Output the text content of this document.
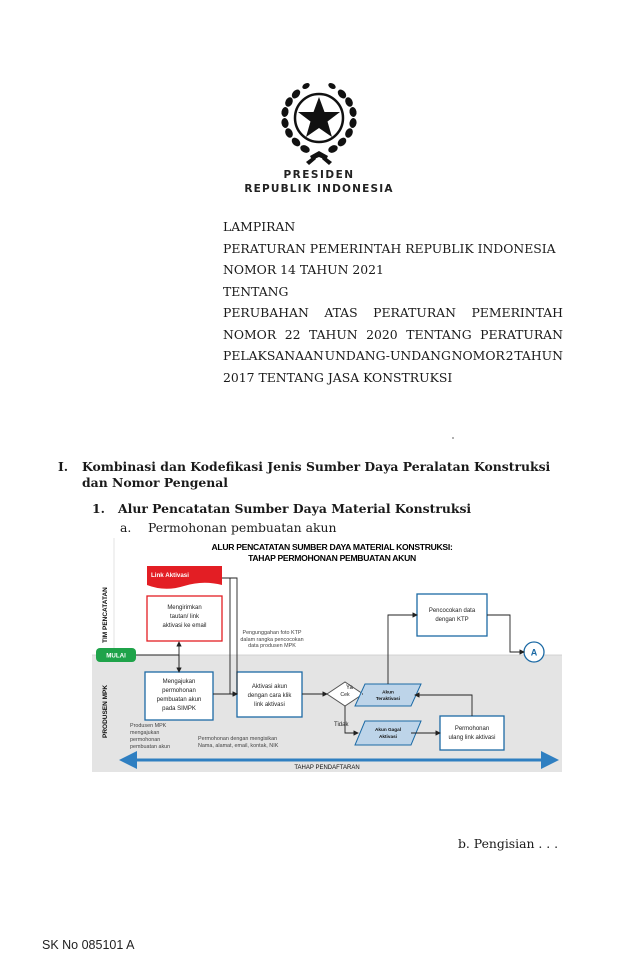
PRESIDEN
REPUBLIK INDONESIA
LAMPIRAN
PERATURAN PEMERINTAH REPUBLIK INDONESIA
NOMOR 14 TAHUN 2021
TENTANG
PERUBAHAN ATAS PERATURAN PEMERINTAH
NOMOR 22 TAHUN 2020 TENTANG PERATURAN
PELAKSANAAN UNDANG-UNDANG NOMOR 2 TAHUN
2017 TENTANG JASA KONSTRUKSI
I. Kombinasi dan Kodefikasi Jenis Sumber Daya Peralatan Konstruksi dan Nomor Pengenal
1. Alur Pencatatan Sumber Daya Material Konstruksi
a. Permohonan pembuatan akun
ALUR PENCATATAN SUMBER DAYA MATERIAL KONSTRUKSI:
TAHAP PERMOHONAN PEMBUATAN AKUN
TIM PENCATATAN
PRODUSEN MPK
MULAI
Link Aktivasi
Mengirimkan
tautan/ link
aktivasi ke email
Pengunggahan foto KTP
dalam rangka pencocokan
data produsen MPK
Pencocokan data
dengan KTP
A
Mengajukan
permohonan
pembuatan akun
pada SIMPK
Aktivasi akun
dengan cara klik
link aktivasi
Cek
Ya
Tidak
Akun
Teraktivasi
Akun Gagal
Aktivasi
Permohonan
ulang link aktivasi
Produsen MPK
mengajukan
permohonan
pembuatan akun
Permohonan dengan mengisikan
Nama, alamat, email, kontak, NIK
TAHAP PENDAFTARAN
b. Pengisian . . .
SK No 085101 A
